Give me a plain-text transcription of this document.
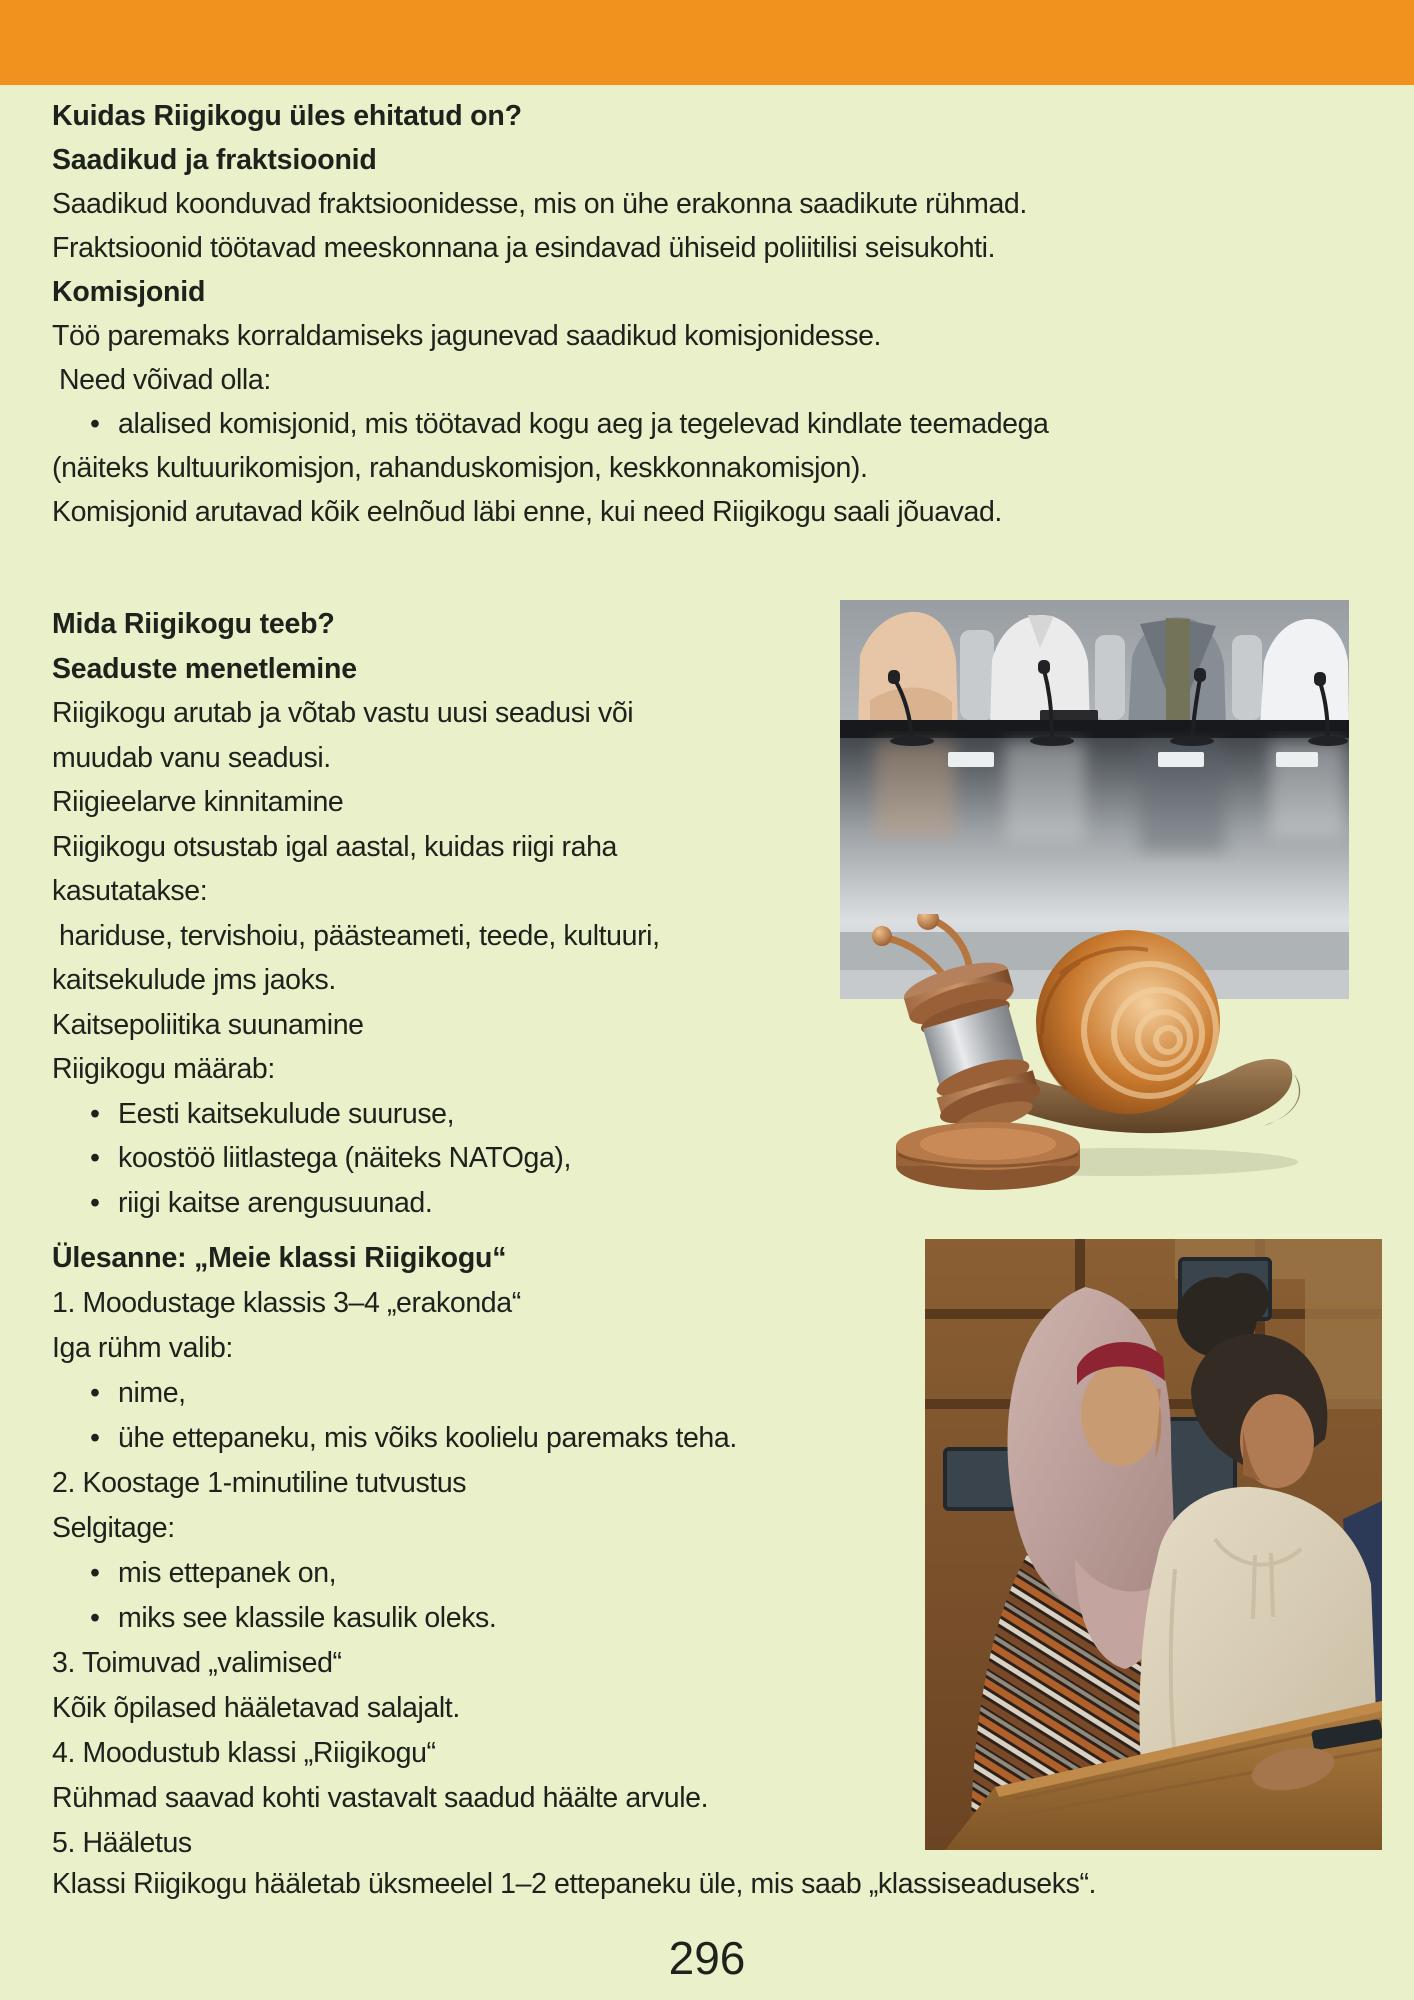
Kuidas Riigikogu üles ehitatud on?
Saadikud ja fraktsioonid
Saadikud koonduvad fraktsioonidesse, mis on ühe erakonna saadikute rühmad.
Fraktsioonid töötavad meeskonnana ja esindavad ühiseid poliitilisi seisukohti.
Komisjonid
Töö paremaks korraldamiseks jagunevad saadikud komisjonidesse.
Need võivad olla:
• alalised komisjonid, mis töötavad kogu aeg ja tegelevad kindlate teemadega
(näiteks kultuurikomisjon, rahanduskomisjon, keskkonnakomisjon).
Komisjonid arutavad kõik eelnõud läbi enne, kui need Riigikogu saali jõuavad.
Mida Riigikogu teeb?
Seaduste menetlemine
Riigikogu arutab ja võtab vastu uusi seadusi või
muudab vanu seadusi.
Riigieelarve kinnitamine
Riigikogu otsustab igal aastal, kuidas riigi raha
kasutatakse:
hariduse, tervishoiu, päästeameti, teede, kultuuri,
kaitsekulude jms jaoks.
Kaitsepoliitika suunamine
Riigikogu määrab:
• Eesti kaitsekulude suuruse,
• koostöö liitlastega (näiteks NATOga),
• riigi kaitse arengusuunad.
Ülesanne: „Meie klassi Riigikogu“
1. Moodustage klassis 3–4 „erakonda“
Iga rühm valib:
• nime,
• ühe ettepaneku, mis võiks koolielu paremaks teha.
2. Koostage 1-minutiline tutvustus
Selgitage:
• mis ettepanek on,
• miks see klassile kasulik oleks.
3. Toimuvad „valimised“
Kõik õpilased hääletavad salajalt.
4. Moodustub klassi „Riigikogu“
Rühmad saavad kohti vastavalt saadud häälte arvule.
5. Hääletus
Klassi Riigikogu hääletab üksmeelel 1–2 ettepaneku üle, mis saab „klassiseaduseks“.
296
